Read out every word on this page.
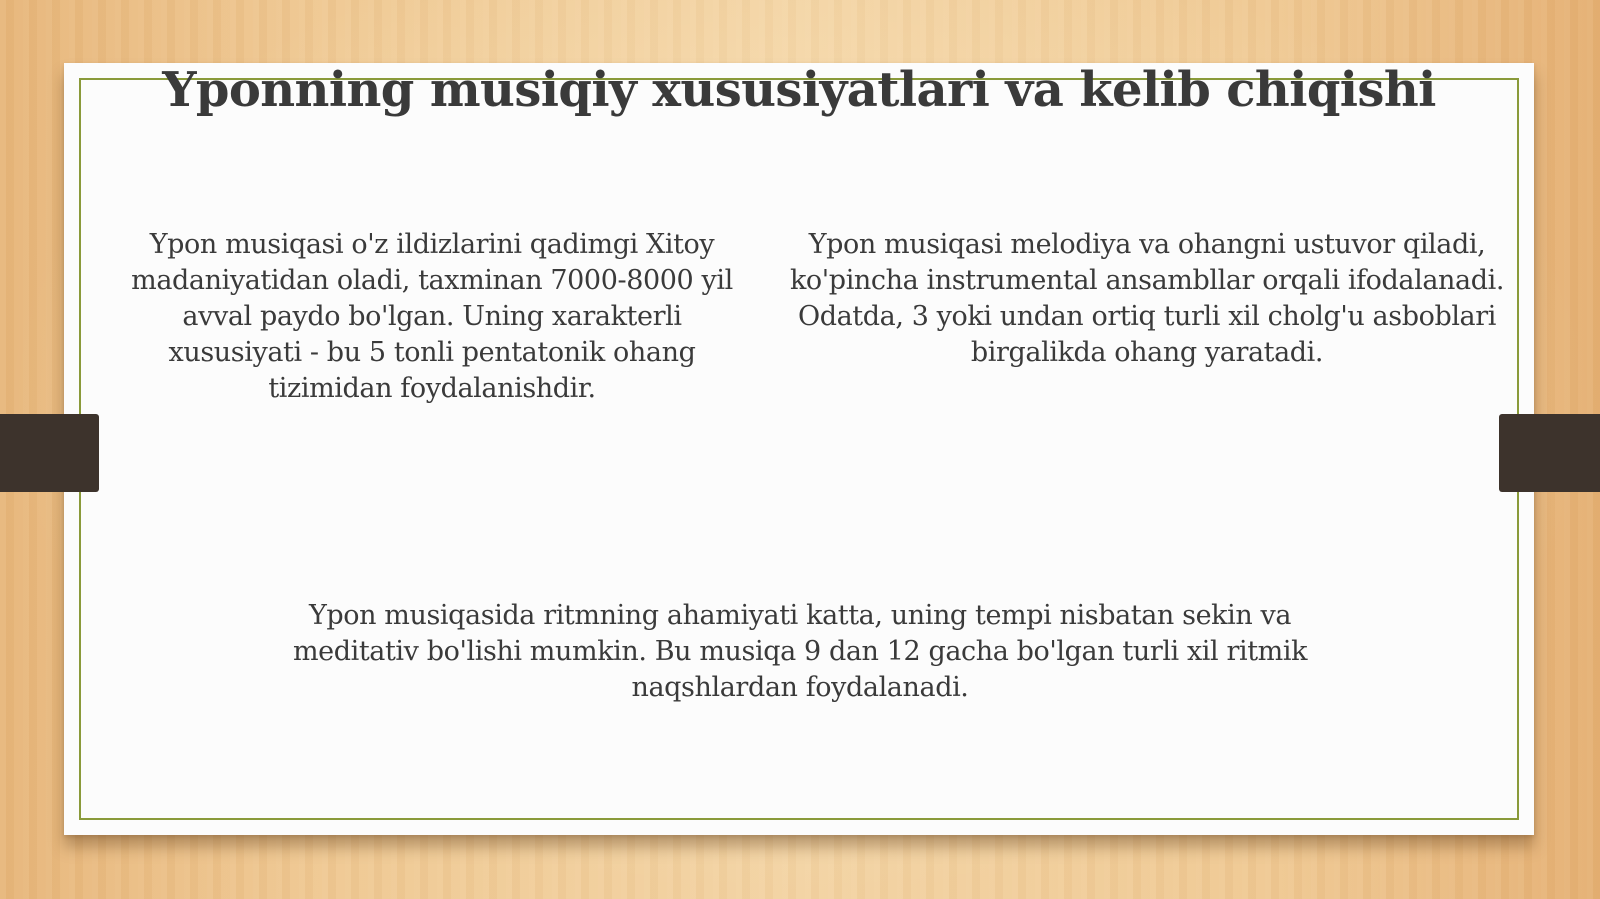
Yponning musiqiy xususiyatlari va kelib chiqishi

Ypon musiqasi o'z ildizlarini qadimgi Xitoy madaniyatidan oladi, taxminan 7000-8000 yil avval paydo bo'lgan. Uning xarakterli xususiyati - bu 5 tonli pentatonik ohang tizimidan foydalanishdir.

Ypon musiqasi melodiya va ohangni ustuvor qiladi, ko'pincha instrumental ansambllar orqali ifodalanadi. Odatda, 3 yoki undan ortiq turli xil cholg'u asboblari birgalikda ohang yaratadi.

Ypon musiqasida ritmning ahamiyati katta, uning tempi nisbatan sekin va meditativ bo'lishi mumkin. Bu musiqa 9 dan 12 gacha bo'lgan turli xil ritmik naqshlardan foydalanadi.
